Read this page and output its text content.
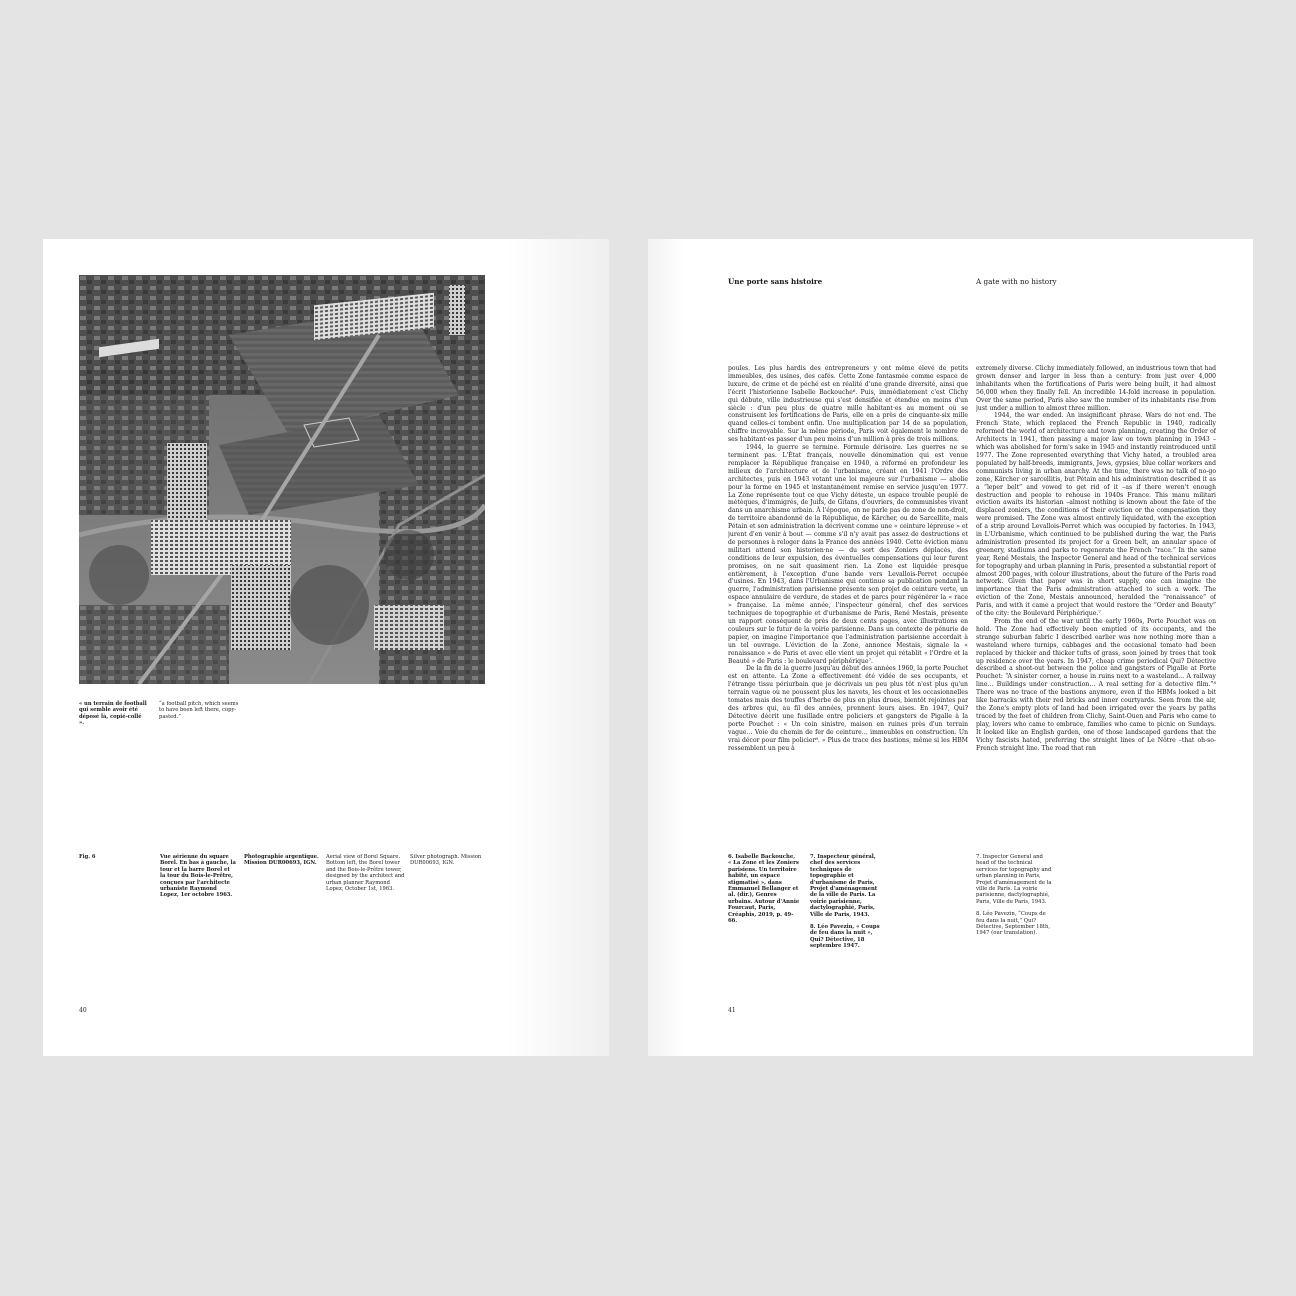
« un terrain de football qui semble avoir été déposé là, copié-collé ».
“a football pitch, which seems to have been left there, copy-pasted.”
Fig. 6	Vue aérienne du square Borel. En bas à gauche, la tour et la barre Borel et la tour du Bois-le-Prêtre, conçues par l'architecte urbaniste Raymond Lopez, 1er octobre 1963.
Photographie argentique. Mission DUR00693, IGN.
Aerial view of Borel Square. Bottom left, the Borel tower and the Bois-le-Prêtre tower, designed by the architect and urban planner Raymond Lopez, October 1st, 1963.
Silver photograph. Mission DUR00693, IGN.
40
Une porte sans histoire	A gate with no history

poules. Les plus hardis des entrepreneurs y ont même élevé de petits immeubles, des usines, des cafés. Cette Zone fantasmée comme espace de luxure, de crime et de péché est en réalité d'une grande diversité, ainsi que l'écrit l'historienne Isabelle Backouche⁶. Puis, immédiatement c'est Clichy qui débute, ville industrieuse qui s'est densifiée et étendue en moins d'un siècle : d'un peu plus de quatre mille habitant·es au moment où se construisent les fortifications de Paris, elle en a près de cinquante-six mille quand celles-ci tombent enfin. Une multiplication par 14 de sa population, chiffre incroyable. Sur la même période, Paris voit également le nombre de ses habitant·es passer d'un peu moins d'un million à près de trois millions.

1944, la guerre se termine. Formule dérisoire. Les guerres ne se terminent pas. L'État français, nouvelle dénomination qui est venue remplacer la République française en 1940, a réformé en profondeur les milieux de l'architecture et de l'urbanisme, créant en 1941 l'Ordre des architectes, puis en 1943 votant une loi majeure sur l'urbanisme — abolie pour la forme en 1945 et instantanément remise en service jusqu'en 1977. La Zone représente tout ce que Vichy déteste, un espace trouble peuplé de métèques, d'immigrés, de Juifs, de Gitans, d'ouvriers, de communistes vivant dans un anarchisme urbain. À l'époque, on ne parle pas de zone de non-droit, de territoire abandonné de la République, de Kärcher, ou de Sarcellite, mais Pétain et son administration la décrivent comme une « ceinture lépreuse » et jurent d'en venir à bout — comme s'il n'y avait pas assez de destructions et de personnes à reloger dans la France des années 1940. Cette éviction manu militari attend son historien·ne — du sort des Zoniers déplacés, des conditions de leur expulsion, des éventuelles compensations qui leur furent promises, on ne sait quasiment rien. La Zone est liquidée presque entièrement, à l'exception d'une bande vers Levallois-Perret occupée d'usines. En 1943, dans l'Urbanisme qui continue sa publication pendant la guerre, l'administration parisienne présente son projet de ceinture verte, un espace annulaire de verdure, de stades et de parcs pour régénérer la « race » française. La même année, l'inspecteur général, chef des services techniques de topographie et d'urbanisme de Paris, René Mestais, présente un rapport conséquent de près de deux cents pages, avec illustrations en couleurs sur le futur de la voirie parisienne. Dans un contexte de pénurie de papier, on imagine l'importance que l'administration parisienne accordait à un tel ouvrage. L'éviction de la Zone, annonce Mestais, signale la « renaissance » de Paris et avec elle vient un projet qui rétablit « l'Ordre et la Beauté » de Paris : le boulevard périphérique⁷.

De la fin de la guerre jusqu'au début des années 1960, la porte Pouchet est en attente. La Zone a effectivement été vidée de ses occupants, et l'étrange tissu périurbain que je décrivais un peu plus tôt n'est plus qu'un terrain vague où ne poussent plus les navets, les choux et les occasionnelles tomates mais des touffes d'herbe de plus en plus drues, bientôt rejointes par des arbres qui, au fil des années, prennent leurs aises. En 1947, Qui? Détective décrit une fusillade entre policiers et gangsters de Pigalle à la porte Pouchet : « Un coin sinistre, maison en ruines près d'un terrain vague… Voie du chemin de fer de ceinture… immeubles en construction. Un vrai décor pour film policier⁸. » Plus de trace des bastions, même si les HBM ressemblent un peu à

extremely diverse. Clichy immediately followed, an industrious town that had grown denser and larger in less than a century: from just over 4,000 inhabitants when the fortifications of Paris were being built, it had almost 56,000 when they finally fell. An incredible 14-fold increase in population. Over the same period, Paris also saw the number of its inhabitants rise from just under a million to almost three million.

1944, the war ended. An insignificant phrase. Wars do not end. The French State, which replaced the French Republic in 1940, radically reformed the world of architecture and town planning, creating the Order of Architects in 1941, then passing a major law on town planning in 1943 –which was abolished for form's sake in 1945 and instantly reintroduced until 1977. The Zone represented everything that Vichy hated, a troubled area populated by half-breeds, immigrants, Jews, gypsies, blue collar workers and communists living in urban anarchy. At the time, there was no talk of no-go zone, Kärcher or sarcellitis, but Pétain and his administration described it as a “leper belt” and vowed to get rid of it –as if there weren't enough destruction and people to rehouse in 1940s France. This manu militari eviction awaits its historian –almost nothing is known about the fate of the displaced zoniers, the conditions of their eviction or the compensation they were promised. The Zone was almost entirely liquidated, with the exception of a strip around Levallois-Perret which was occupied by factories. In 1943, in L'Urbanisme, which continued to be published during the war, the Paris administration presented its project for a Green belt, an annular space of greenery, stadiums and parks to regenerate the French “race.” In the same year, René Mestais, the Inspector General and head of the technical services for topography and urban planning in Paris, presented a substantial report of almost 200 pages, with colour illustrations, about the future of the Paris road network. Given that paper was in short supply, one can imagine the importance that the Paris administration attached to such a work. The eviction of the Zone, Mestais announced, heralded the “renaissance” of Paris, and with it came a project that would restore the “Order and Beauty” of the city: the Boulevard Périphérique.⁷

From the end of the war until the early 1960s, Porte Pouchet was on hold. The Zone had effectively been emptied of its occupants, and the strange suburban fabric I described earlier was now nothing more than a wasteland where turnips, cabbages and the occasional tomato had been replaced by thicker and thicker tufts of grass, soon joined by trees that took up residence over the years. In 1947, cheap crime periodical Qui? Détective described a shoot-out between the police and gangsters of Pigalle at Porte Pouchet: “A sinister corner, a house in ruins next to a wasteland… A railway line… Buildings under construction… A real setting for a detective film.”⁸ There was no trace of the bastions anymore, even if the HBMs looked a bit like barracks with their red bricks and inner courtyards. Seen from the air, the Zone's empty plots of land had been irrigated over the years by paths traced by the feet of children from Clichy, Saint-Ouen and Paris who came to play, lovers who came to embrace, families who came to picnic on Sundays. It looked like an English garden, one of those landscaped gardens that the Vichy fascists hated, preferring the straight lines of Le Nôtre –that oh-so-French straight line. The road that ran

6. Isabelle Backouche, « La Zone et les Zoniers parisiens. Un territoire habité, un espace stigmatisé », dans Emmanuel Bellanger et al. (dir.), Genres urbains. Autour d'Annie Fourcaut, Paris, Créaphis, 2019, p. 49-66.

7. Inspecteur général, chef des services techniques de topographie et d'urbanisme de Paris, Projet d'aménagement de la ville de Paris. La voirie parisienne, dactylographié, Paris, Ville de Paris, 1943.

8. Léo Pavezin, « Coups de feu dans la nuit », Qui? Détective, 18 septembre 1947.

7. Inspector General and head of the technical services for topography and urban planning in Paris, Projet d'aménagement de la ville de Paris. La voirie parisienne, dactylographié, Paris, Ville de Paris, 1943.

8. Léo Pavezin, “Coups de feu dans la nuit,” Qui? Détective, September 18th, 1947 (our translation).

41
